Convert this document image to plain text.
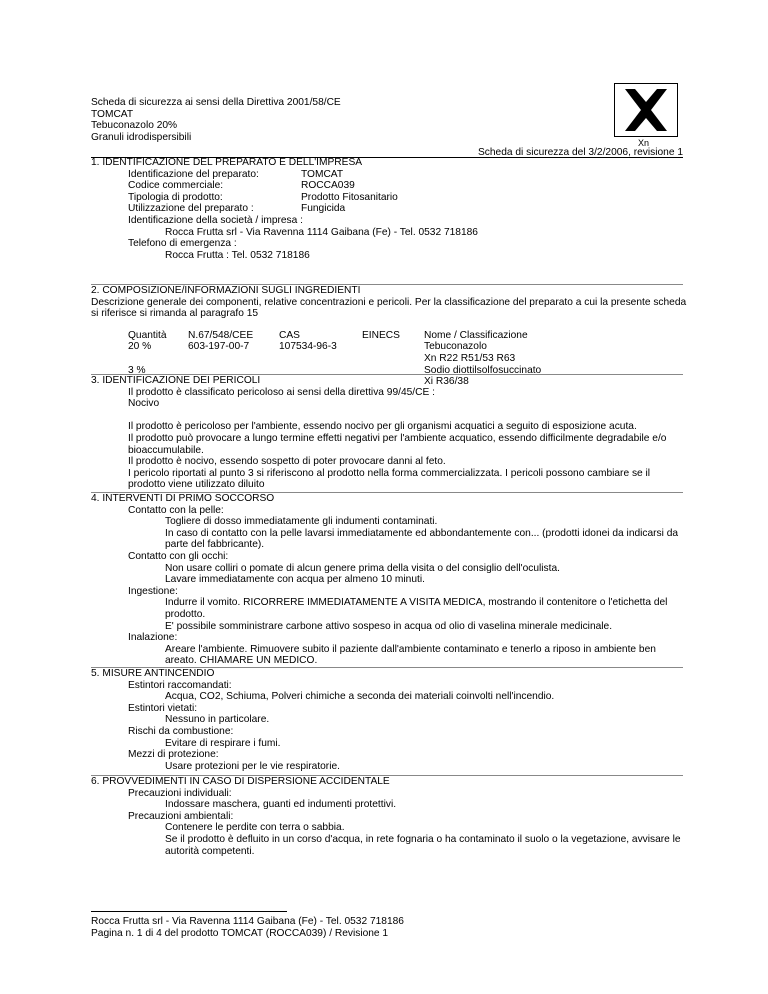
Scheda di sicurezza ai sensi della Direttiva 2001/58/CE
TOMCAT
Tebuconazolo 20%
Granuli idrodispersibili
Xn
Scheda di sicurezza del 3/2/2006, revisione 1
1. IDENTIFICAZIONE DEL PREPARATO E DELL'IMPRESA
Identificazione del preparato:	TOMCAT
Codice commerciale:	ROCCA039
Tipologia di prodotto:	Prodotto Fitosanitario
Utilizzazione del preparato :	Fungicida
Identificazione della società / impresa :
Rocca Frutta srl - Via Ravenna 1114 Gaibana (Fe) - Tel. 0532 718186
Telefono di emergenza :
Rocca Frutta : Tel. 0532 718186
2. COMPOSIZIONE/INFORMAZIONI SUGLI INGREDIENTI
Descrizione generale dei componenti, relative concentrazioni e pericoli. Per la classificazione del preparato a cui la presente scheda si riferisce si rimanda al paragrafo 15
Quantità	N.67/548/CEE	CAS	EINECS	Nome / Classificazione
20 %	603-197-00-7	107534-96-3		Tebuconazolo
				Xn R22 R51/53 R63
3 %				Sodio diottilsolfosuccinato
				Xi R36/38
3. IDENTIFICAZIONE DEI PERICOLI
Il prodotto è classificato pericoloso ai sensi della direttiva 99/45/CE :
Nocivo
Il prodotto è pericoloso per l'ambiente, essendo nocivo per gli organismi acquatici a seguito di esposizione acuta.
Il prodotto può provocare a lungo termine effetti negativi per l'ambiente acquatico, essendo difficilmente degradabile e/o bioaccumulabile.
Il prodotto è nocivo, essendo sospetto di poter provocare danni al feto.
I pericolo riportati al punto 3 si riferiscono al prodotto nella forma commercializzata. I pericoli possono cambiare se il prodotto viene utilizzato diluito
4. INTERVENTI DI PRIMO SOCCORSO
Contatto con la pelle:
Togliere di dosso immediatamente gli indumenti contaminati.
In caso di contatto con la pelle lavarsi immediatamente ed abbondantemente con... (prodotti idonei da indicarsi da parte del fabbricante).
Contatto con gli occhi:
Non usare colliri o pomate di alcun genere prima della visita o del consiglio dell'oculista.
Lavare immediatamente con acqua per almeno 10 minuti.
Ingestione:
Indurre il vomito. RICORRERE IMMEDIATAMENTE A VISITA MEDICA, mostrando il contenitore o l'etichetta del prodotto.
E' possibile somministrare carbone attivo sospeso in acqua od olio di vaselina minerale medicinale.
Inalazione:
Areare l'ambiente. Rimuovere subito il paziente dall'ambiente contaminato e tenerlo a riposo in ambiente ben areato. CHIAMARE UN MEDICO.
5. MISURE ANTINCENDIO
Estintori raccomandati:
Acqua, CO2, Schiuma, Polveri chimiche a seconda dei materiali coinvolti nell'incendio.
Estintori vietati:
Nessuno in particolare.
Rischi da combustione:
Evitare di respirare i fumi.
Mezzi di protezione:
Usare protezioni per le vie respiratorie.
6. PROVVEDIMENTI IN CASO DI DISPERSIONE ACCIDENTALE
Precauzioni individuali:
Indossare maschera, guanti ed indumenti protettivi.
Precauzioni ambientali:
Contenere le perdite con terra o sabbia.
Se il prodotto è defluito in un corso d'acqua, in rete fognaria o ha contaminato il suolo o la vegetazione, avvisare le autorità competenti.
Rocca Frutta srl - Via Ravenna 1114 Gaibana (Fe) - Tel. 0532 718186
Pagina n. 1 di 4 del prodotto TOMCAT (ROCCA039) / Revisione 1
